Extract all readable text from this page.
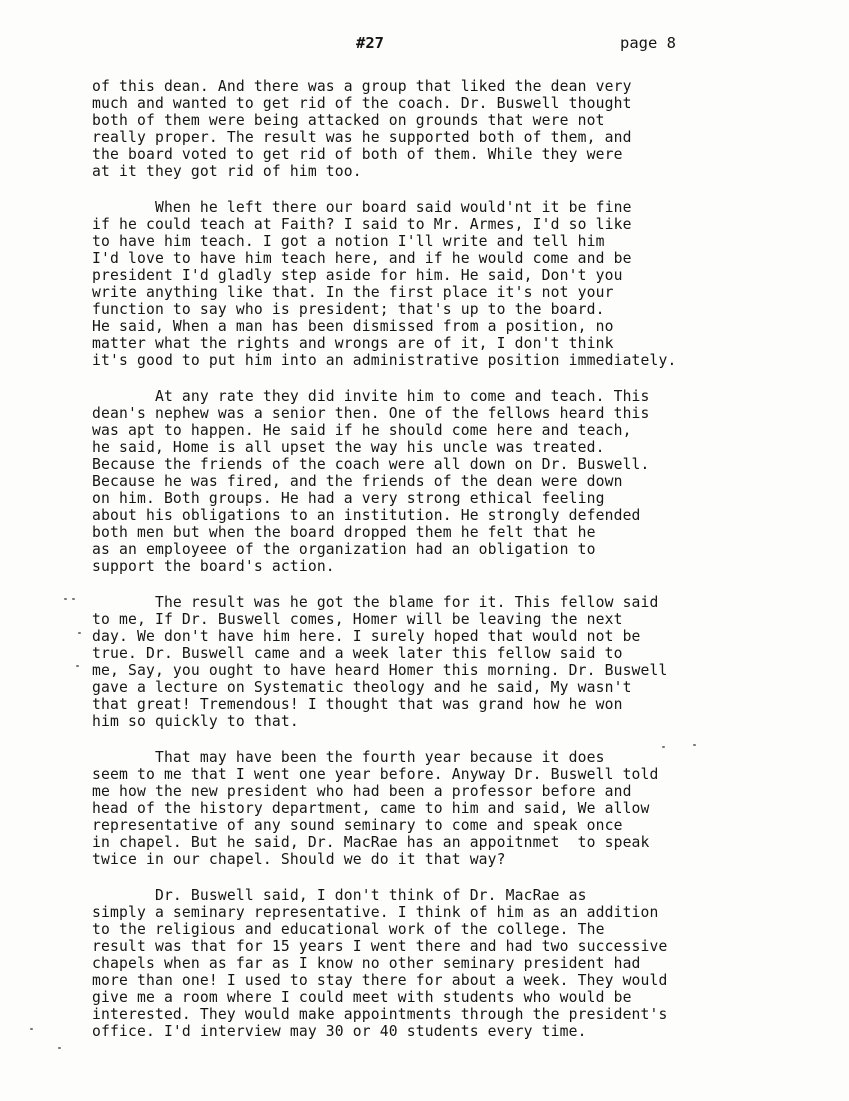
#27	page 8
of this dean. And there was a group that liked the dean very
much and wanted to get rid of the coach. Dr. Buswell thought
both of them were being attacked on grounds that were not
really proper. The result was he supported both of them, and
the board voted to get rid of both of them. While they were
at it they got rid of him too.
When he left there our board said would'nt it be fine
if he could teach at Faith? I said to Mr. Armes, I'd so like
to have him teach. I got a notion I'll write and tell him
I'd love to have him teach here, and if he would come and be
president I'd gladly step aside for him. He said, Don't you
write anything like that. In the first place it's not your
function to say who is president; that's up to the board.
He said, When a man has been dismissed from a position, no
matter what the rights and wrongs are of it, I don't think
it's good to put him into an administrative position immediately.
At any rate they did invite him to come and teach. This
dean's nephew was a senior then. One of the fellows heard this
was apt to happen. He said if he should come here and teach,
he said, Home is all upset the way his uncle was treated.
Because the friends of the coach were all down on Dr. Buswell.
Because he was fired, and the friends of the dean were down
on him. Both groups. He had a very strong ethical feeling
about his obligations to an institution. He strongly defended
both men but when the board dropped them he felt that he
as an employeee of the organization had an obligation to
support the board's action.
The result was he got the blame for it. This fellow said
to me, If Dr. Buswell comes, Homer will be leaving the next
day. We don't have him here. I surely hoped that would not be
true. Dr. Buswell came and a week later this fellow said to
me, Say, you ought to have heard Homer this morning. Dr. Buswell
gave a lecture on Systematic theology and he said, My wasn't
that great! Tremendous! I thought that was grand how he won
him so quickly to that.
That may have been the fourth year because it does
seem to me that I went one year before. Anyway Dr. Buswell told
me how the new president who had been a professor before and
head of the history department, came to him and said, We allow
representative of any sound seminary to come and speak once
in chapel. But he said, Dr. MacRae has an appoitnmet  to speak
twice in our chapel. Should we do it that way?
Dr. Buswell said, I don't think of Dr. MacRae as
simply a seminary representative. I think of him as an addition
to the religious and educational work of the college. The
result was that for 15 years I went there and had two successive
chapels when as far as I know no other seminary president had
more than one! I used to stay there for about a week. They would
give me a room where I could meet with students who would be
interested. They would make appointments through the president's
office. I'd interview may 30 or 40 students every time.
